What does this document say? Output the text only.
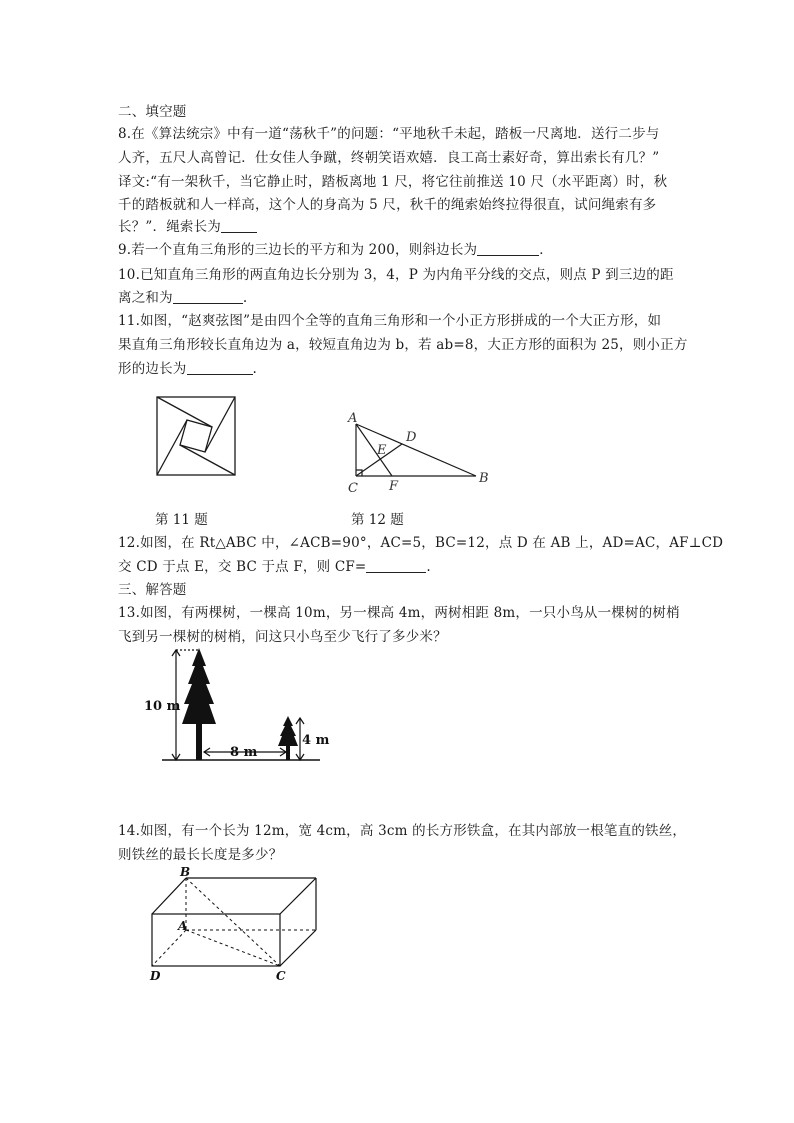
二、填空题
8.在《算法统宗》中有一道“荡秋千”的问题：“平地秋千未起，踏板一尺离地．送行二步与
人齐，五尺人高曾记．仕女佳人争蹴，终朝笑语欢嬉．良工高士素好奇，算出索长有几？”
译文:“有一架秋千，当它静止时，踏板离地 1 尺，将它往前推送 10 尺（水平距离）时，秋
千的踏板就和人一样高，这个人的身高为 5 尺，秋千的绳索始终拉得很直，试问绳索有多
长？”．绳索长为
9.若一个直角三角形的三边长的平方和为 200，则斜边长为	．
10.已知直角三角形的两直角边长分别为 3，4，P 为内角平分线的交点，则点 P 到三边的距
离之和为	.
11.如图，“赵爽弦图”是由四个全等的直角三角形和一个小正方形拼成的一个大正方形，如
果直角三角形较长直角边为 a，较短直角边为 b，若 ab=8，大正方形的面积为 25，则小正方
形的边长为	.
A
D
E
B
C F
第 11 题	第 12 题
12.如图，在 Rt△ABC 中，∠ACB=90°，AC=5，BC=12，点 D 在 AB 上，AD=AC，AF⊥CD
交 CD 于点 E，交 BC 于点 F，则 CF=	.
三、解答题
13.如图，有两棵树，一棵高 10m，另一棵高 4m，两树相距 8m，一只小鸟从一棵树的树梢
飞到另一棵树的树梢，问这只小鸟至少飞行了多少米？
10 m
4 m
8 m
14.如图，有一个长为 12m，宽 4cm，高 3cm 的长方形铁盒，在其内部放一根笔直的铁丝，
则铁丝的最长长度是多少？
B
A
D	C
